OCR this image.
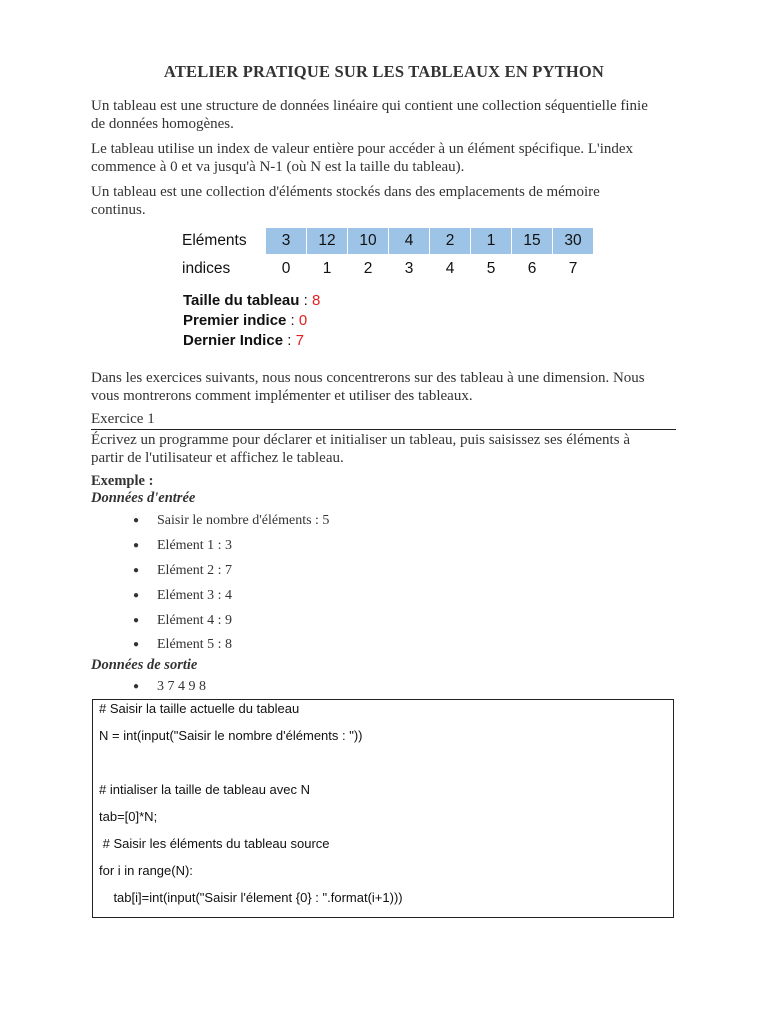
ATELIER PRATIQUE SUR LES TABLEAUX EN PYTHON
Un tableau est une structure de données linéaire qui contient une collection séquentielle finie
de données homogènes.
Le tableau utilise un index de valeur entière pour accéder à un élément spécifique. L'index
commence à 0 et va jusqu'à N-1 (où N est la taille du tableau).
Un tableau est une collection d'éléments stockés dans des emplacements de mémoire
continus.
Eléments	3	12	10	4	2	1	15	30
indices	0	1	2	3	4	5	6	7
Taille du tableau : 8
Premier indice : 0
Dernier Indice : 7
Dans les exercices suivants, nous nous concentrerons sur des tableau à une dimension. Nous
vous montrerons comment implémenter et utiliser des tableaux.
Exercice 1
Écrivez un programme pour déclarer et initialiser un tableau, puis saisissez ses éléments à
partir de l'utilisateur et affichez le tableau.
Exemple :
Données d'entrée
● Saisir le nombre d'éléments : 5
● Elément 1 : 3
● Elément 2 : 7
● Elément 3 : 4
● Elément 4 : 9
● Elément 5 : 8
Données de sortie
● 3 7 4 9 8
# Saisir la taille actuelle du tableau
N = int(input("Saisir le nombre d'éléments : "))
# intialiser la taille de tableau avec N
tab=[0]*N;
# Saisir les éléments du tableau source
for i in range(N):
tab[i]=int(input("Saisir l'élement {0} : ".format(i+1)))
